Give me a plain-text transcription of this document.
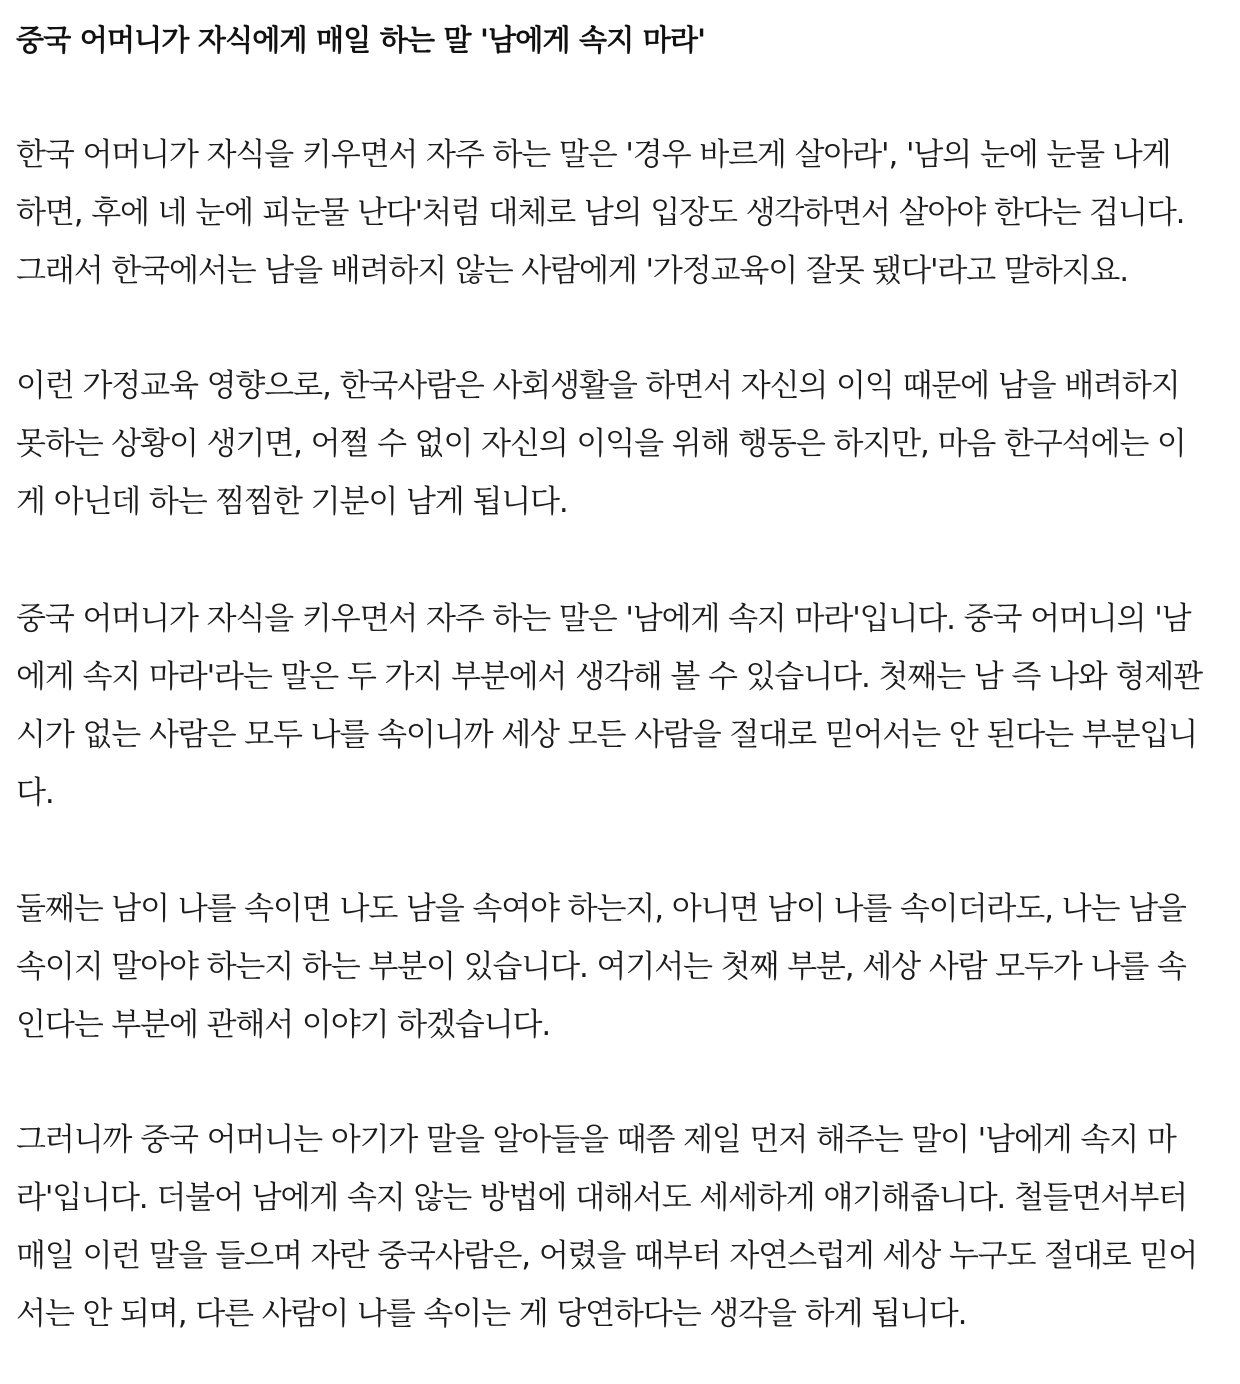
중국 어머니가 자식에게 매일 하는 말 '남에게 속지 마라'
한국 어머니가 자식을 키우면서 자주 하는 말은 '경우 바르게 살아라', '남의 눈에 눈물 나게
하면, 후에 네 눈에 피눈물 난다'처럼 대체로 남의 입장도 생각하면서 살아야 한다는 겁니다.
그래서 한국에서는 남을 배려하지 않는 사람에게 '가정교육이 잘못 됐다'라고 말하지요.
이런 가정교육 영향으로, 한국사람은 사회생활을 하면서 자신의 이익 때문에 남을 배려하지
못하는 상황이 생기면, 어쩔 수 없이 자신의 이익을 위해 행동은 하지만, 마음 한구석에는 이
게 아닌데 하는 찜찜한 기분이 남게 됩니다.
중국 어머니가 자식을 키우면서 자주 하는 말은 '남에게 속지 마라'입니다. 중국 어머니의 '남
에게 속지 마라'라는 말은 두 가지 부분에서 생각해 볼 수 있습니다. 첫째는 남 즉 나와 형제꽌
시가 없는 사람은 모두 나를 속이니까 세상 모든 사람을 절대로 믿어서는 안 된다는 부분입니
다.
둘째는 남이 나를 속이면 나도 남을 속여야 하는지, 아니면 남이 나를 속이더라도, 나는 남을
속이지 말아야 하는지 하는 부분이 있습니다. 여기서는 첫째 부분, 세상 사람 모두가 나를 속
인다는 부분에 관해서 이야기 하겠습니다.
그러니까 중국 어머니는 아기가 말을 알아들을 때쯤 제일 먼저 해주는 말이 '남에게 속지 마
라'입니다. 더불어 남에게 속지 않는 방법에 대해서도 세세하게 얘기해줍니다. 철들면서부터
매일 이런 말을 들으며 자란 중국사람은, 어렸을 때부터 자연스럽게 세상 누구도 절대로 믿어
서는 안 되며, 다른 사람이 나를 속이는 게 당연하다는 생각을 하게 됩니다.
